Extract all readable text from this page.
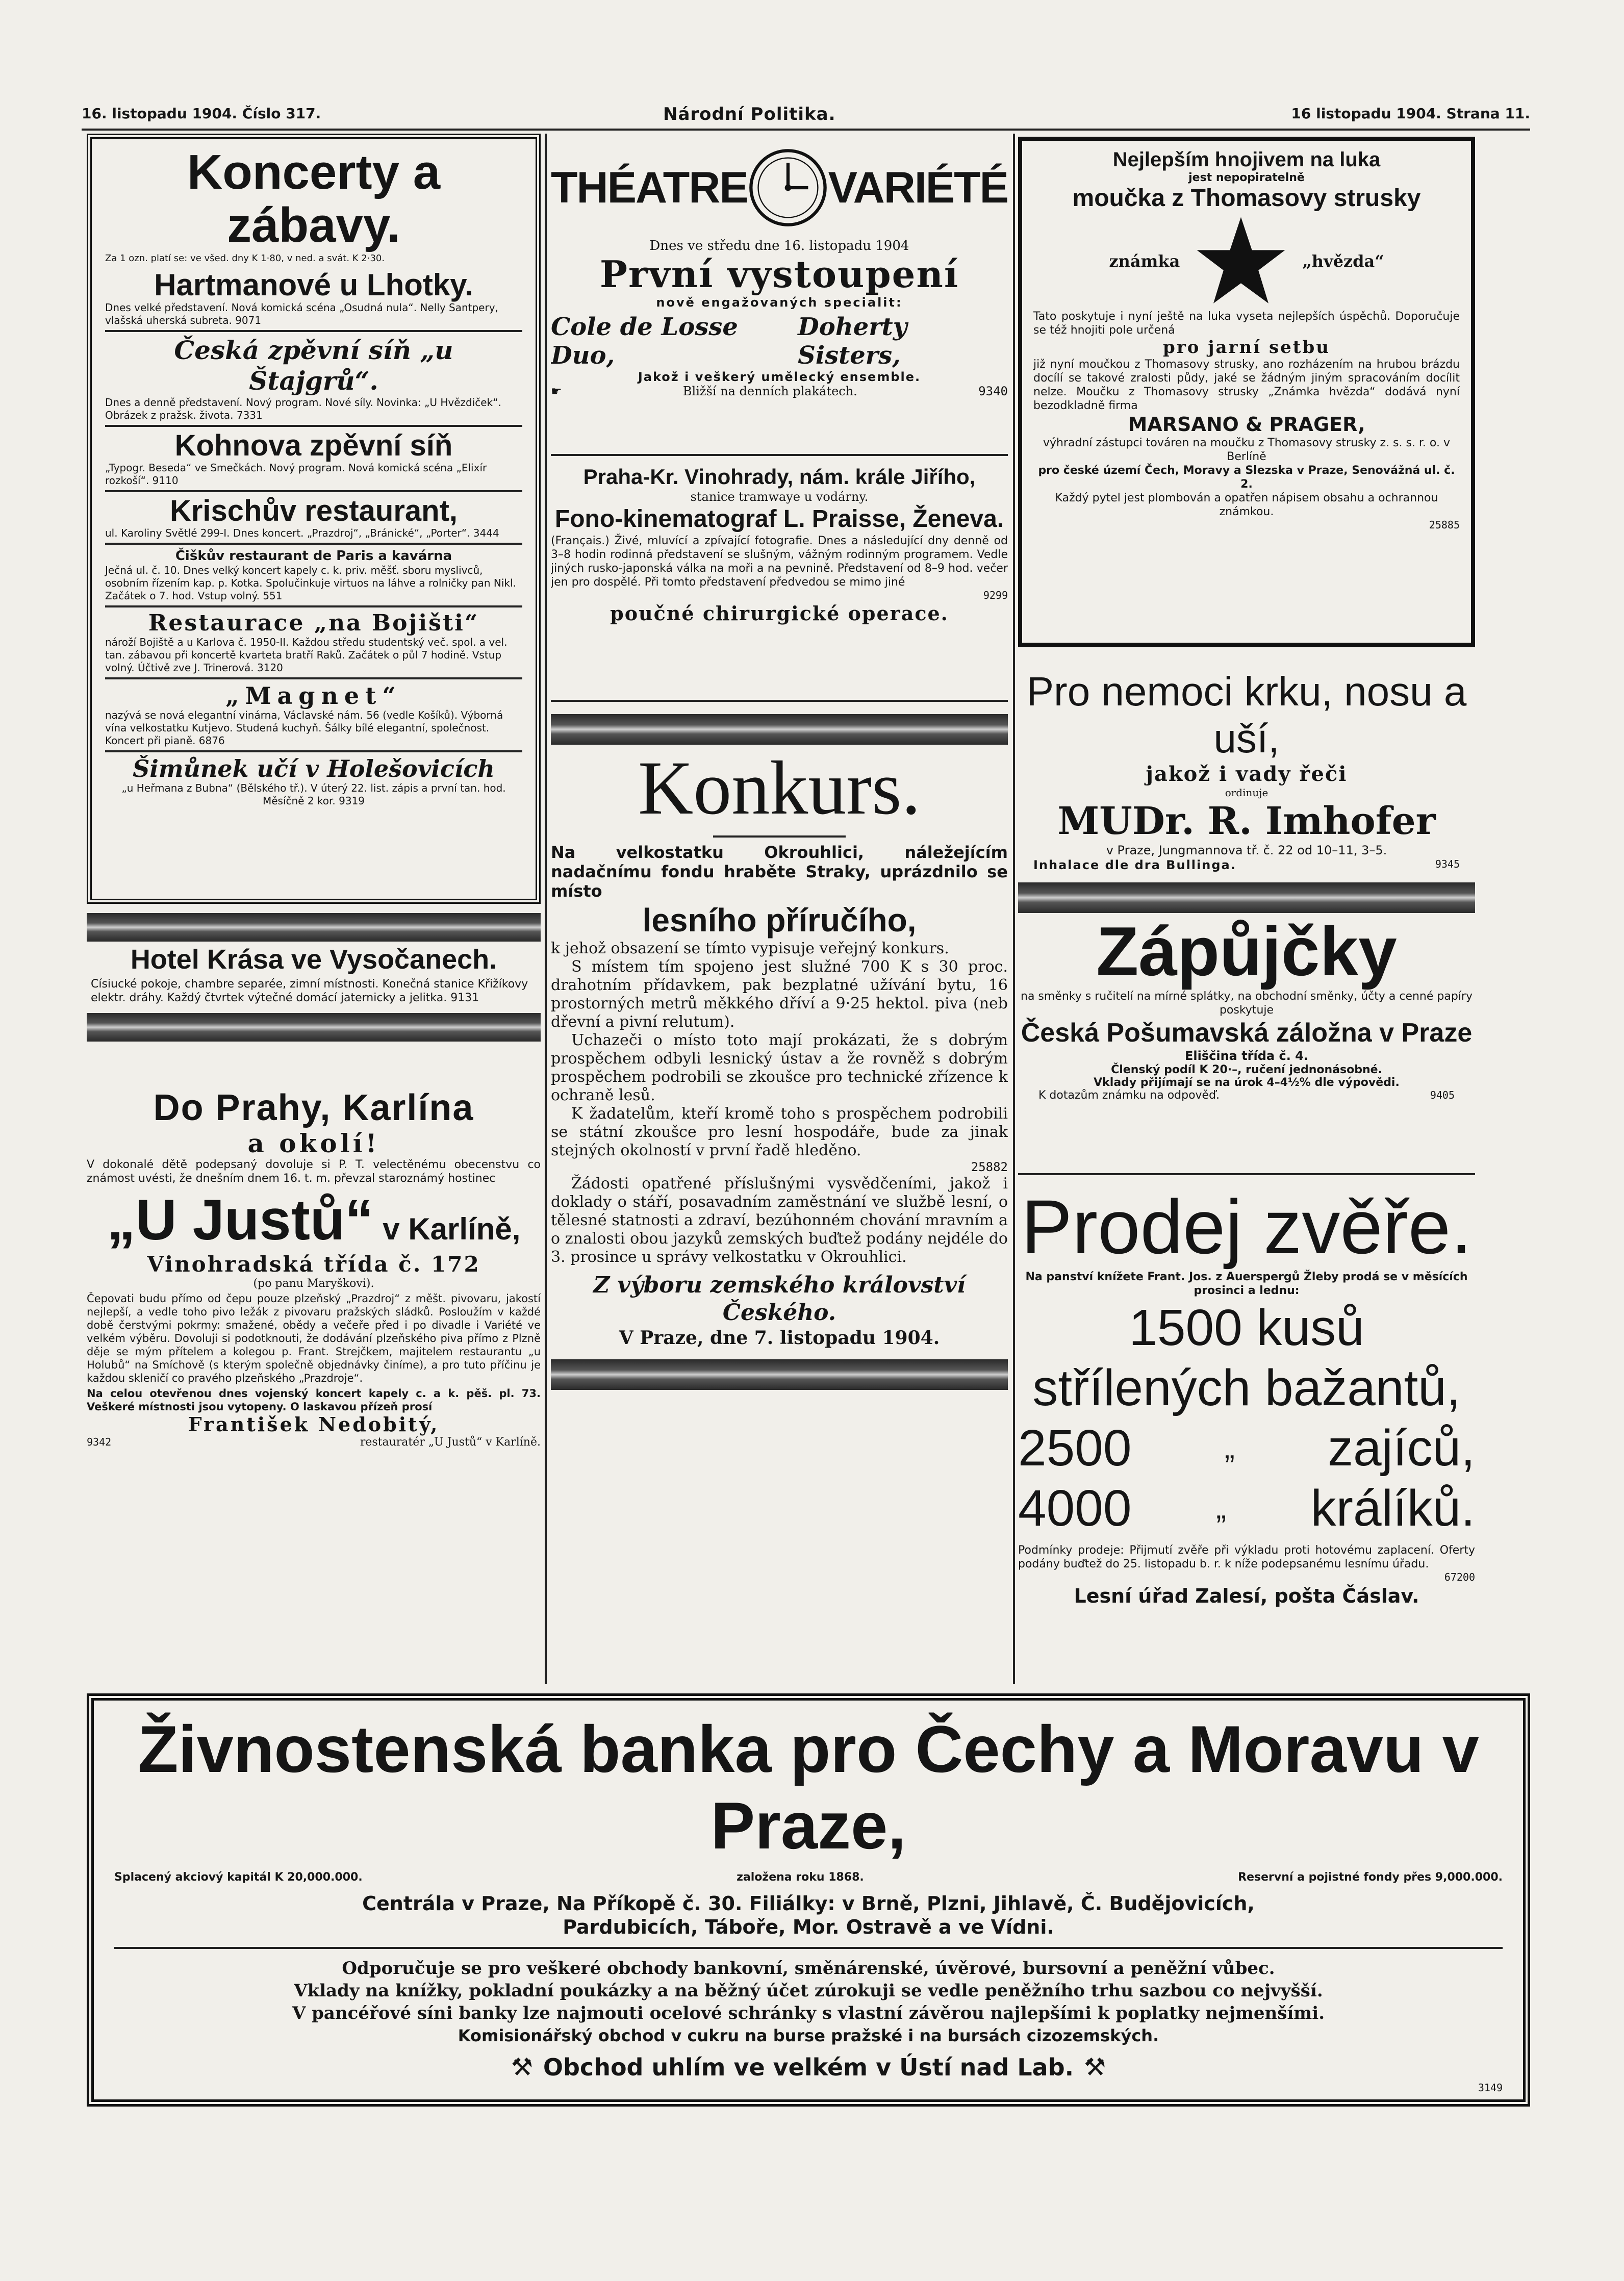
16. listopadu 1904. Číslo 317.	Národní Politika.	16 listopadu 1904. Strana 11.
Koncerty a zábavy.
Za 1 ozn. platí se: ve všed. dny K 1·80, v ned. a svát. K 2·30.
Hartmanové u Lhotky.
Dnes velké představení. Nová komická scéna „Osudná nula“. Nelly Santpery, vlašská uherská subreta. 9071
Česká zpěvní síň „u Štajgrů“.
Dnes a denně představení. Nový program. Nové síly. Novinka: „U Hvězdiček“. Obrázek z pražsk. života. 7331
Kohnova zpěvní síň
„Typogr. Beseda“ ve Smečkách. Nový program. Nová komická scéna „Elixír rozkoší“. 9110
Krischův restaurant,
ul. Karoliny Světlé 299-I. Dnes koncert. „Prazdroj“, „Bránické“, „Porter“. 3444
Čiškův restaurant de Paris a kavárna
Ječná ul. č. 10. Dnes velký koncert kapely c. k. priv. měšť. sboru myslivců, osobním řízením kap. p. Kotka. Spolučinkuje virtuos na láhve a rolničky pan Nikl. Začátek o 7. hod. Vstup volný. 551
Restaurace „na Bojišti“
nároží Bojiště a u Karlova č. 1950-II. Každou středu studentský več. spol. a vel. tan. zábavou při koncertě kvarteta bratří Raků. Začátek o půl 7 hodině. Vstup volný. Účtivě zve J. Trinerová. 3120
„Magnet“
nazývá se nová elegantní vinárna, Václavské nám. 56 (vedle Košíků). Výborná vína velkostatku Kutjevo. Studená kuchyň. Šálky bílé elegantní, společnost. Koncert při pianě. 6876
Šimůnek učí v Holešovicích
„u Heřmana z Bubna“ (Bělského tř.). V úterý 22. list. zápis a první tan. hod. Měsíčně 2 kor. 9319
Hotel Krása ve Vysočanech.
Císiucké pokoje, chambre separée, zimní místnosti. Konečná stanice Křižíkovy elektr. dráhy. Každý čtvrtek výtečné domácí jaternicky a jelitka. 9131
Do Prahy, Karlína
a okolí!
V dokonalé dětě podepsaný dovoluje si P. T. velectěnému obecenstvu co známost uvésti, že dnešním dnem 16. t. m. převzal staroznámý hostinec
„U Justů“ v Karlíně,
Vinohradská třída č. 172
(po panu Maryškovi).
Čepovati budu přímo od čepu pouze plzeňský „Prazdroj“ z měšt. pivovaru, jakostí nejlepší, a vedle toho pivo ležák z pivovaru pražských sládků. Posloužím v každé době čerstvými pokrmy: smažené, obědy a večeře před i po divadle i Variété ve velkém výběru. Dovoluji si podotknouti, že dodávání plzeňského piva přímo z Plzně děje se mým přítelem a kolegou p. Frant. Strejčkem, majitelem restaurantu „u Holubů“ na Smíchově (s kterým společně objednávky činíme), a pro tuto příčinu je každou skleničí co pravého plzeňského „Prazdroje“.
Na celou otevřenou dnes vojenský koncert kapely c. a k. pěš. pl. 73. Veškeré místnosti jsou vytopeny. O laskavou přízeň prosí
František Nedobitý,
9342	restauratér „U Justů“ v Karlíně.
THÉATRE VARIÉTÉ
Dnes ve středu dne 16. listopadu 1904
První vystoupení
nově engažovaných specialit:
Cole de Losse Duo,
Doherty Sisters,
Jakož i veškerý umělecký ensemble.
☛	Bližší na denních plakátech.	9340
Praha-Kr. Vinohrady, nám. krále Jiřího,
stanice tramwaye u vodárny.
Fono-kinematograf L. Praisse, Ženeva.
(Français.) Živé, mluvící a zpívající fotografie. Dnes a následující dny denně od 3–8 hodin rodinná představení se slušným, vážným rodinným programem. Vedle jiných rusko-japonská válka na moři a na pevnině. Představení od 8–9 hod. večer jen pro dospělé. Při tomto představení předvedou se mimo jiné
9299
poučné chirurgické operace.
Konkurs.
Na velkostatku Okrouhlici, náležejícím nadačnímu fondu hraběte Straky, uprázdnilo se místo
lesního příručího,
k jehož obsazení se tímto vypisuje veřejný konkurs.
S místem tím spojeno jest služné 700 K s 30 proc. drahotním přídavkem, pak bezplatné užívání bytu, 16 prostorných metrů měkkého dříví a 9·25 hektol. piva (neb dřevní a pivní relutum).
Uchazeči o místo toto mají prokázati, že s dobrým prospěchem odbyli lesnický ústav a že rovněž s dobrým prospěchem podrobili se zkoušce pro technické zřízence k ochraně lesů.
K žadatelům, kteří kromě toho s prospěchem podrobili se státní zkoušce pro lesní hospodáře, bude za jinak stejných okolností v první řadě hleděno.
25882
Žádosti opatřené příslušnými vysvědčeními, jakož i doklady o stáří, posavadním zaměstnání ve službě lesní, o tělesné statnosti a zdraví, bezúhonném chování mravním a o znalosti obou jazyků zemských buďtež podány nejdéle do 3. prosince u správy velkostatku v Okrouhlici.
Z výboru zemského království Českého.
V Praze, dne 7. listopadu 1904.
Nejlepším hnojivem na luka
jest nepopiratelně
moučka z Thomasovy strusky
známka	„hvězda“
Tato poskytuje i nyní ještě na luka vyseta nejlepších úspěchů. Doporučuje se též hnojiti pole určená
pro jarní setbu
již nyní moučkou z Thomasovy strusky, ano rozházením na hrubou brázdu docílí se takové zralosti půdy, jaké se žádným jiným spracováním docílit nelze. Moučku z Thomasovy strusky „Známka hvězda“ dodává nyní bezodkladně firma
MARSANO & PRAGER,
výhradní zástupci továren na moučku z Thomasovy strusky z. s. s. r. o. v Berlíně
pro české území Čech, Moravy a Slezska v Praze, Senovážná ul. č. 2.
Každý pytel jest plombován a opatřen nápisem obsahu a ochrannou známkou.
25885
Pro nemoci krku, nosu a uší,
jakož i vady řeči
ordinuje
MUDr. R. Imhofer
v Praze, Jungmannova tř. č. 22 od 10–11, 3–5.
Inhalace dle dra Bullinga.	9345
Zápůjčky
na směnky s ručitelí na mírné splátky, na obchodní směnky, účty a cenné papíry poskytuje
Česká Pošumavská záložna v Praze
Eliščina třída č. 4.
Členský podíl K 20·–, ručení jednonásobné.
Vklady přijímají se na úrok 4–4½% dle výpovědi.
K dotazům známku na odpověď.	9405
Prodej zvěře.
Na panství knížete Frant. Jos. z Auerspergů Žleby prodá se v měsících prosinci a lednu:
1500 kusů střílených bažantů,
2500	„ zajíců,
4000	„ králíků.
Podmínky prodeje: Přijmutí zvěře při výkladu proti hotovému zaplacení. Oferty podány buďtež do 25. listopadu b. r. k níže podepsanému lesnímu úřadu.
67200
Lesní úřad Zalesí, pošta Čáslav.
Živnostenská banka pro Čechy a Moravu v Praze,
Splacený akciový kapitál K 20,000.000.	založena roku 1868.	Reservní a pojistné fondy přes 9,000.000.
Centrála v Praze, Na Příkopě č. 30. Filiálky: v Brně, Plzni, Jihlavě, Č. Budějovicích,
Pardubicích, Táboře, Mor. Ostravě a ve Vídni.
Odporučuje se pro veškeré obchody bankovní, směnárenské, úvěrové, bursovní a peněžní vůbec.
Vklady na knížky, pokladní poukázky a na běžný účet zúrokuji se vedle peněžního trhu sazbou co nejvyšší.
V pancéřové síni banky lze najmouti ocelové schránky s vlastní závěrou najlepšími k poplatky nejmenšími.
Komisionářský obchod v cukru na burse pražské i na bursách cizozemských.
⚒ Obchod uhlím ve velkém v Ústí nad Lab. ⚒
3149
